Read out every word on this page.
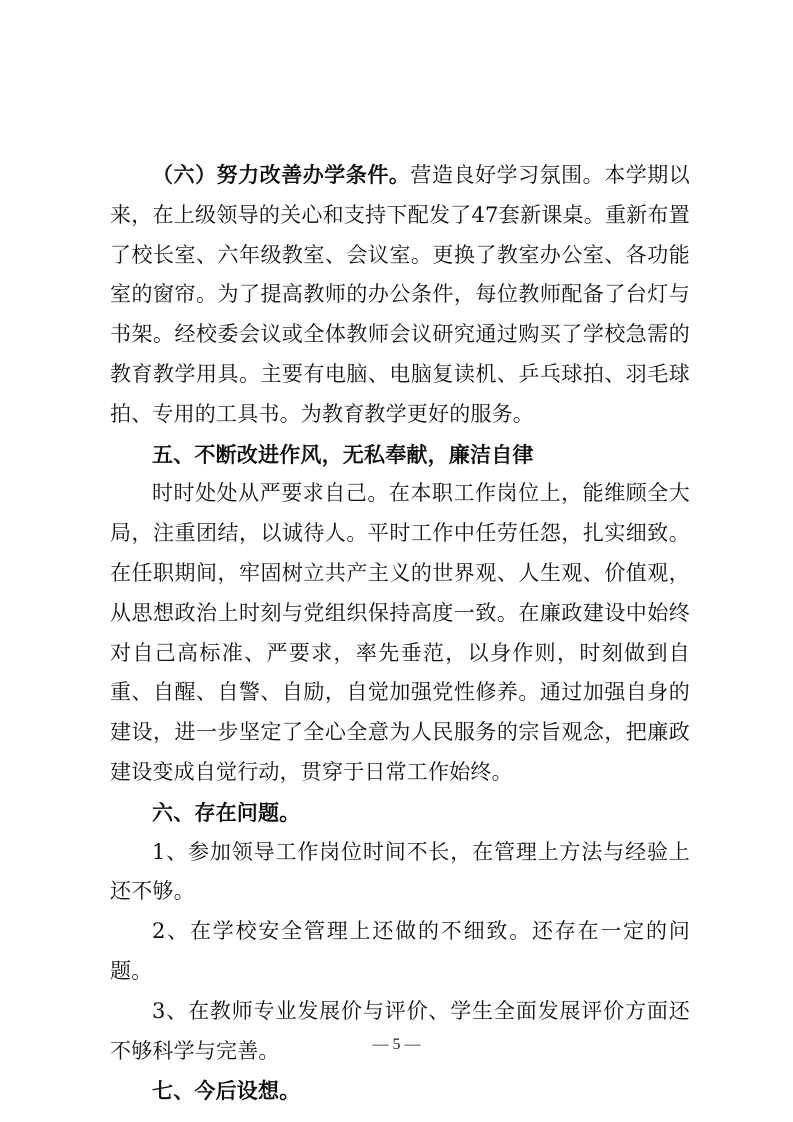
（六）努力改善办学条件。营造良好学习氛围。本学期以来，在上级领导的关心和支持下配发了47套新课桌。重新布置了校长室、六年级教室、会议室。更换了教室办公室、各功能室的窗帘。为了提高教师的办公条件，每位教师配备了台灯与书架。经校委会议或全体教师会议研究通过购买了学校急需的教育教学用具。主要有电脑、电脑复读机、乒乓球拍、羽毛球拍、专用的工具书。为教育教学更好的服务。

五、不断改进作风，无私奉献，廉洁自律

时时处处从严要求自己。在本职工作岗位上，能维顾全大局，注重团结，以诚待人。平时工作中任劳任怨，扎实细致。在任职期间，牢固树立共产主义的世界观、人生观、价值观，从思想政治上时刻与党组织保持高度一致。在廉政建设中始终对自己高标准、严要求，率先垂范，以身作则，时刻做到自重、自醒、自警、自励，自觉加强党性修养。通过加强自身的建设，进一步坚定了全心全意为人民服务的宗旨观念，把廉政建设变成自觉行动，贯穿于日常工作始终。

六、存在问题。

1、参加领导工作岗位时间不长，在管理上方法与经验上还不够。

2、在学校安全管理上还做的不细致。还存在一定的问题。

3、在教师专业发展价与评价、学生全面发展评价方面还不够科学与完善。

七、今后设想。

— 5 —
